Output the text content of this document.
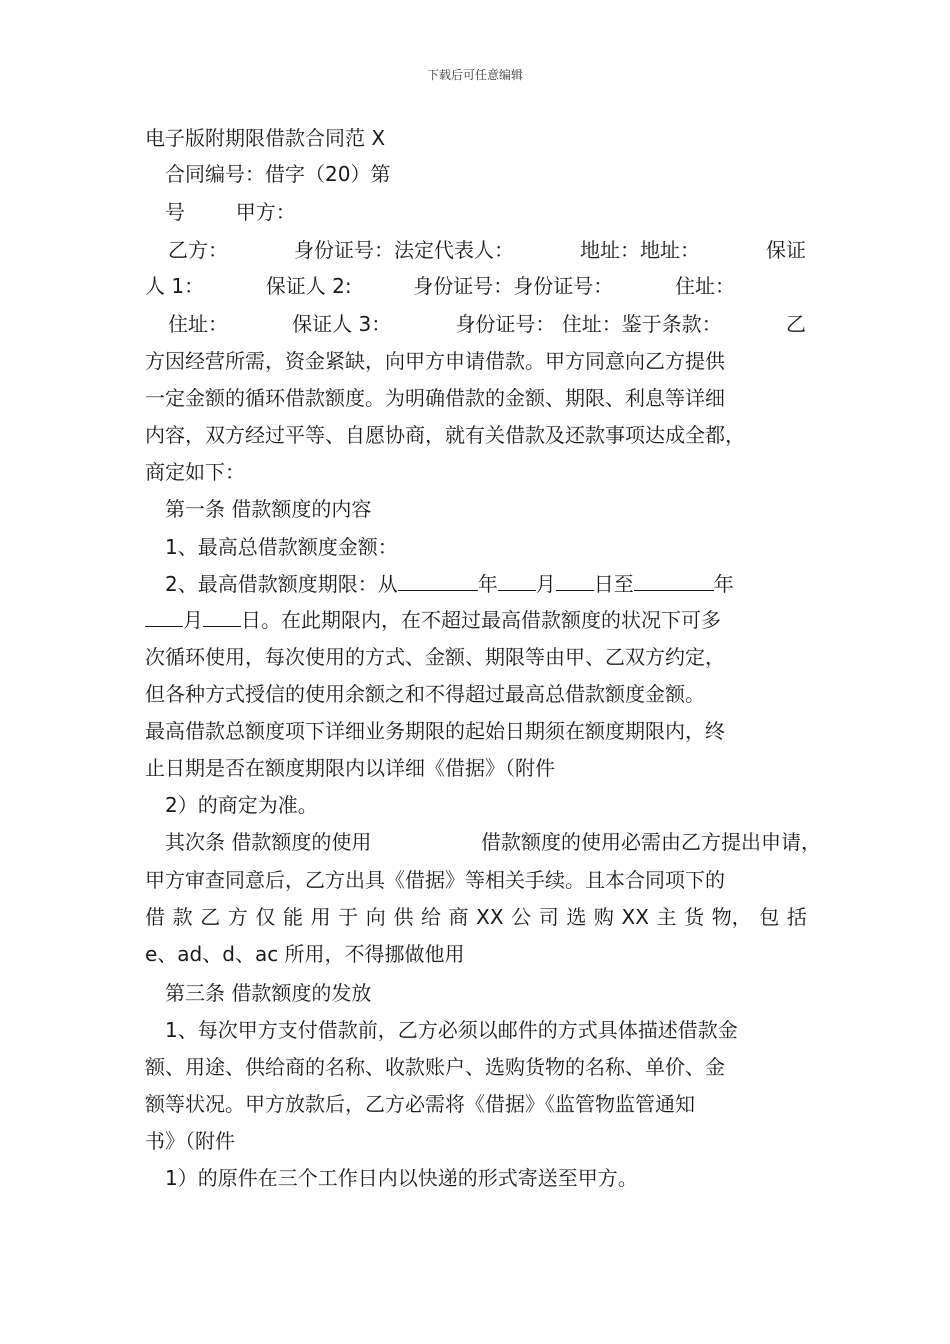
下载后可任意编辑
电子版附期限借款合同范 X
合同编号：借字（20）第
号	甲方：
乙方：	身份证号：法定代表人：	地址：地址：	保证
人 1：	保证人 2:	身份证号：身份证号：	住址：
住址：	保证人 3：	身份证号： 住址：鉴于条款：	乙
方因经营所需，资金紧缺，向甲方申请借款。甲方同意向乙方提供
一定金额的循环借款额度。为明确借款的金额、期限、利息等详细
内容，双方经过平等、自愿协商，就有关借款及还款事项达成全都，
商定如下：
第一条 借款额度的内容
1、最高总借款额度金额：
2、最高借款额度期限：从	年 月 日至	年
月 日。在此期限内，在不超过最高借款额度的状况下可多
次循环使用，每次使用的方式、金额、期限等由甲、乙双方约定，
但各种方式授信的使用余额之和不得超过最高总借款额度金额。
最高借款总额度项下详细业务期限的起始日期须在额度期限内，终
止日期是否在额度期限内以详细《借据》（附件
2）的商定为准。
其次条 借款额度的使用	借款额度的使用必需由乙方提出申请，
甲方审查同意后，乙方出具《借据》等相关手续。且本合同项下的
借 款 乙 方 仅 能 用 于 向 供 给 商 XX 公 司 选 购 XX 主 货 物， 包 括
e、ad、d、ac 所用，不得挪做他用
第三条 借款额度的发放
1、每次甲方支付借款前，乙方必须以邮件的方式具体描述借款金
额、用途、供给商的名称、收款账户、选购货物的名称、单价、金
额等状况。甲方放款后，乙方必需将《借据》《监管物监管通知
书》（附件
1）的原件在三个工作日内以快递的形式寄送至甲方。
